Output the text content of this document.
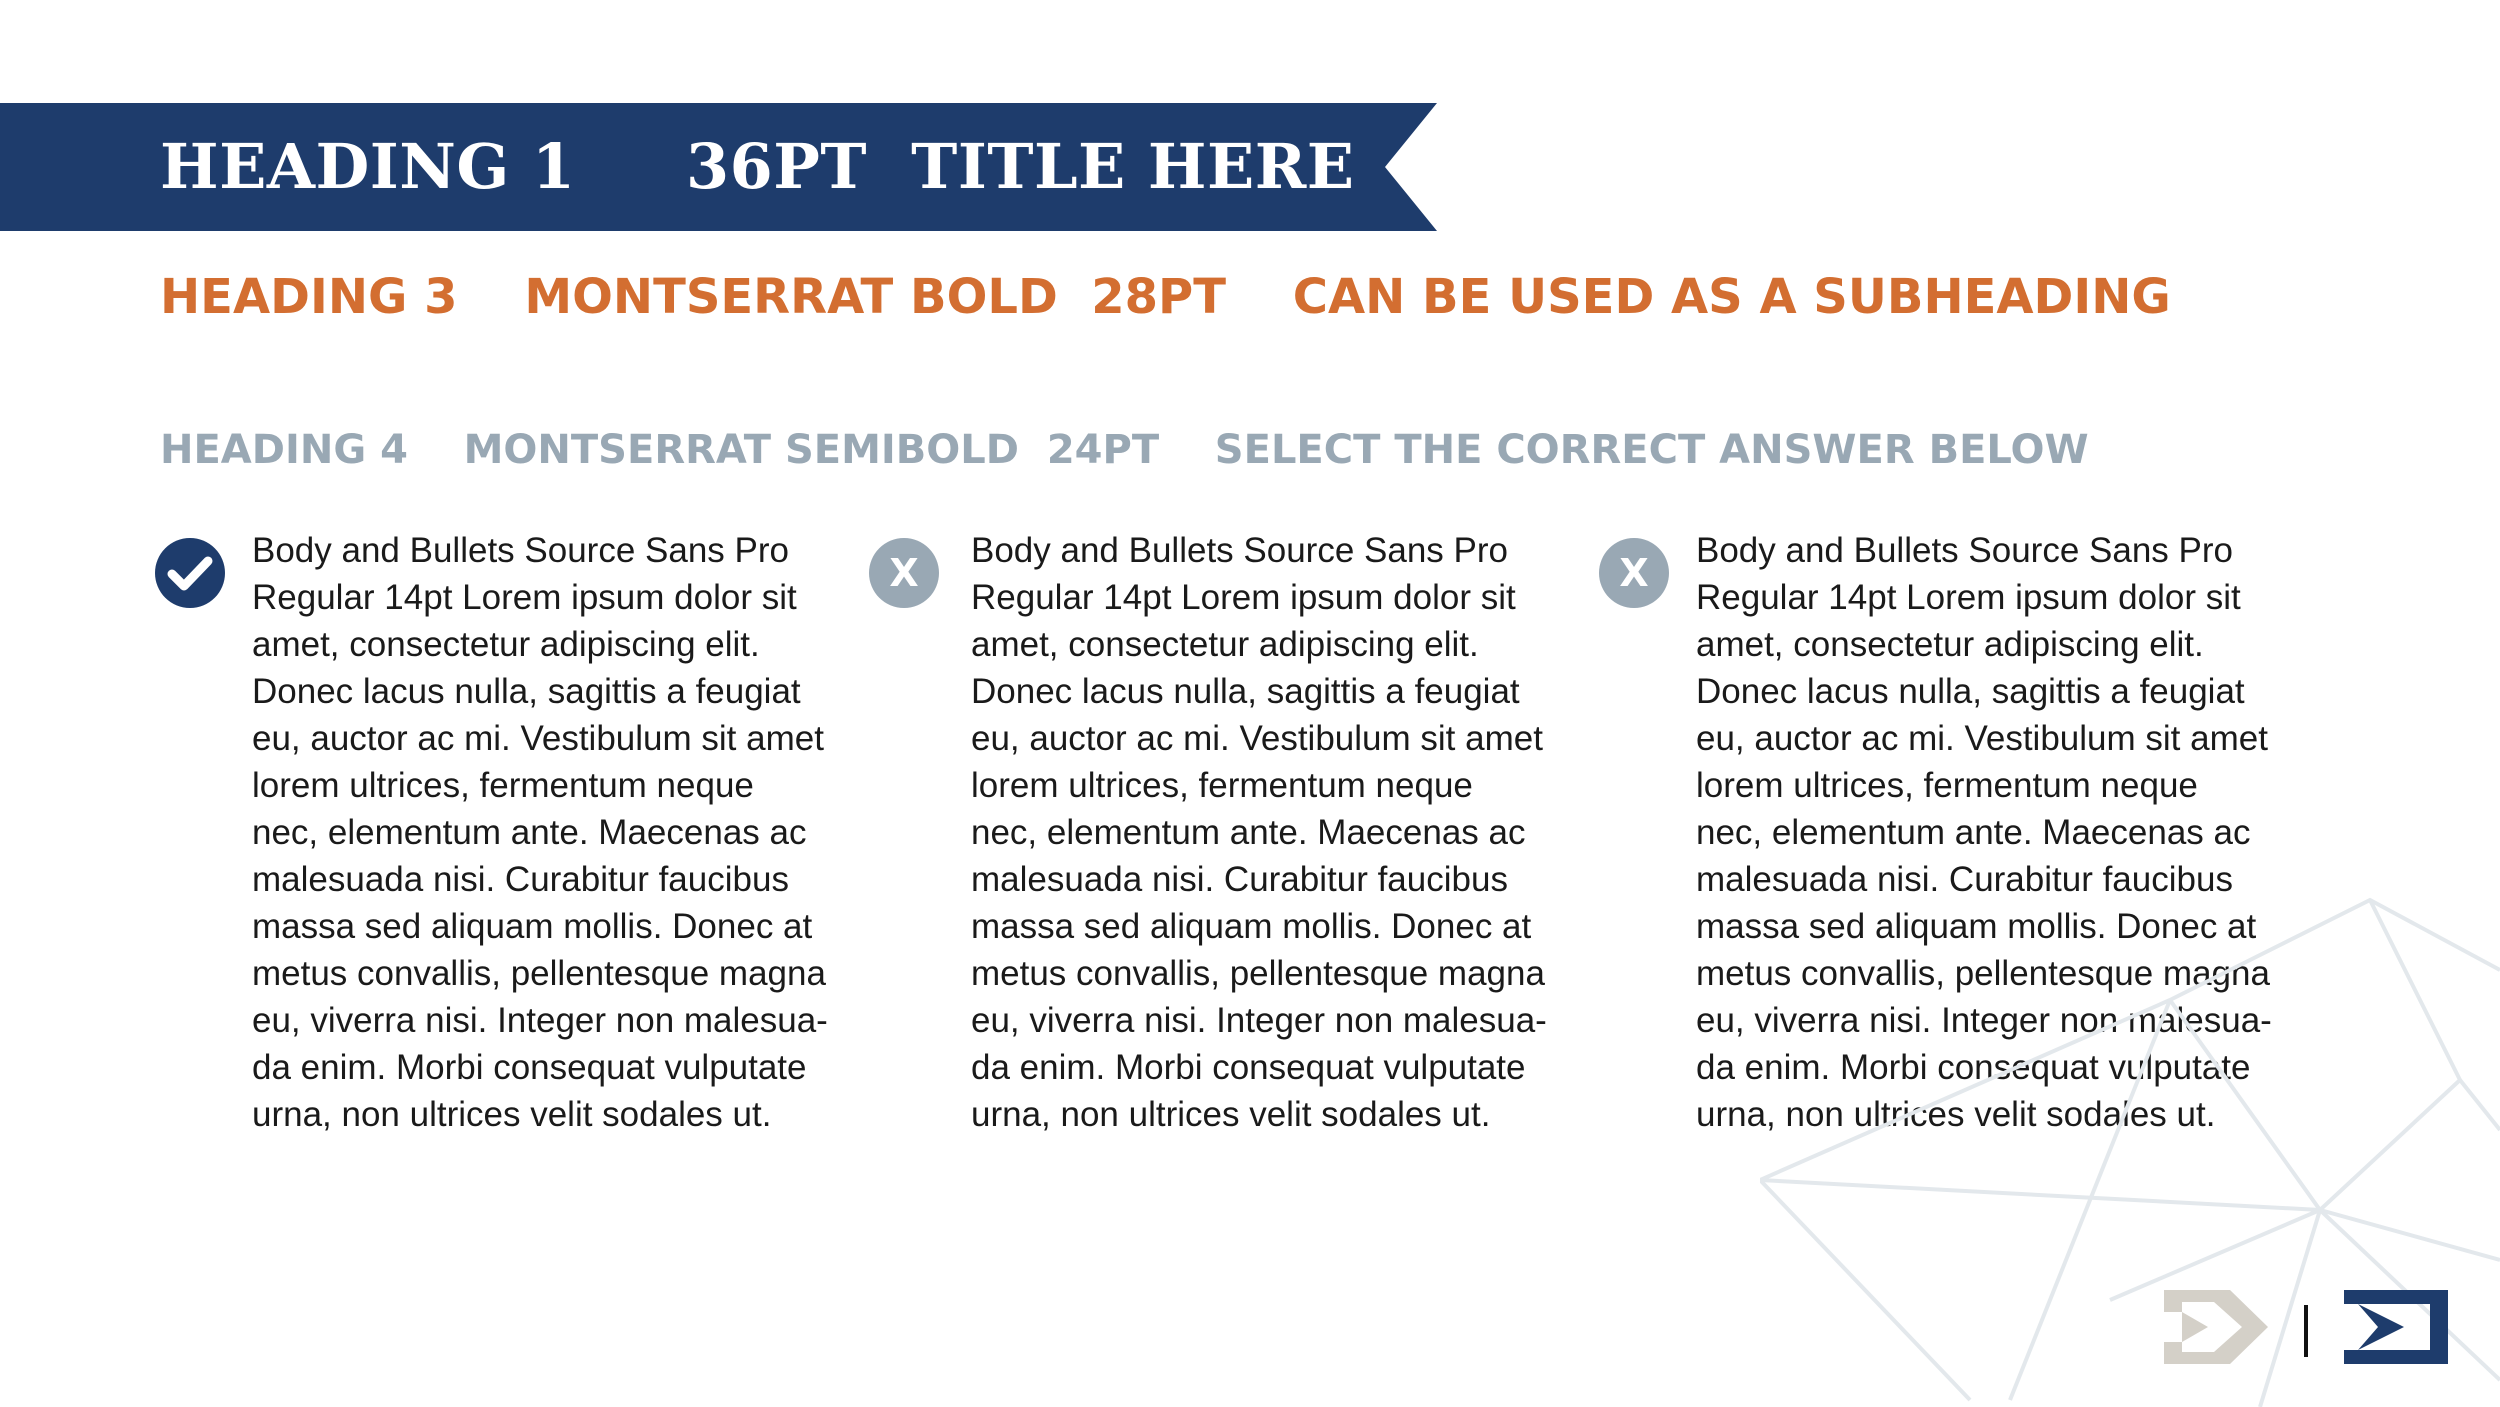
HEADING 1     36PT  TITLE HERE
HEADING 3    MONTSERRAT BOLD  28PT    CAN BE USED AS A SUBHEADING
HEADING 4    MONTSERRAT SEMIBOLD  24PT    SELECT THE CORRECT ANSWER BELOW

Body and Bullets Source Sans Pro
Regular 14pt Lorem ipsum dolor sit
amet, consectetur adipiscing elit.
Donec lacus nulla, sagittis a feugiat
eu, auctor ac mi. Vestibulum sit amet
lorem ultrices, fermentum neque
nec, elementum ante. Maecenas ac
malesuada nisi. Curabitur faucibus
massa sed aliquam mollis. Donec at
metus convallis, pellentesque magna
eu, viverra nisi. Integer non malesua-
da enim. Morbi consequat vulputate
urna, non ultrices velit sodales ut.

X

Body and Bullets Source Sans Pro
Regular 14pt Lorem ipsum dolor sit
amet, consectetur adipiscing elit.
Donec lacus nulla, sagittis a feugiat
eu, auctor ac mi. Vestibulum sit amet
lorem ultrices, fermentum neque
nec, elementum ante. Maecenas ac
malesuada nisi. Curabitur faucibus
massa sed aliquam mollis. Donec at
metus convallis, pellentesque magna
eu, viverra nisi. Integer non malesua-
da enim. Morbi consequat vulputate
urna, non ultrices velit sodales ut.

X

Body and Bullets Source Sans Pro
Regular 14pt Lorem ipsum dolor sit
amet, consectetur adipiscing elit.
Donec lacus nulla, sagittis a feugiat
eu, auctor ac mi. Vestibulum sit amet
lorem ultrices, fermentum neque
nec, elementum ante. Maecenas ac
malesuada nisi. Curabitur faucibus
massa sed aliquam mollis. Donec at
metus convallis, pellentesque magna
eu, viverra nisi. Integer non malesua-
da enim. Morbi consequat vulputate
urna, non ultrices velit sodales ut.
